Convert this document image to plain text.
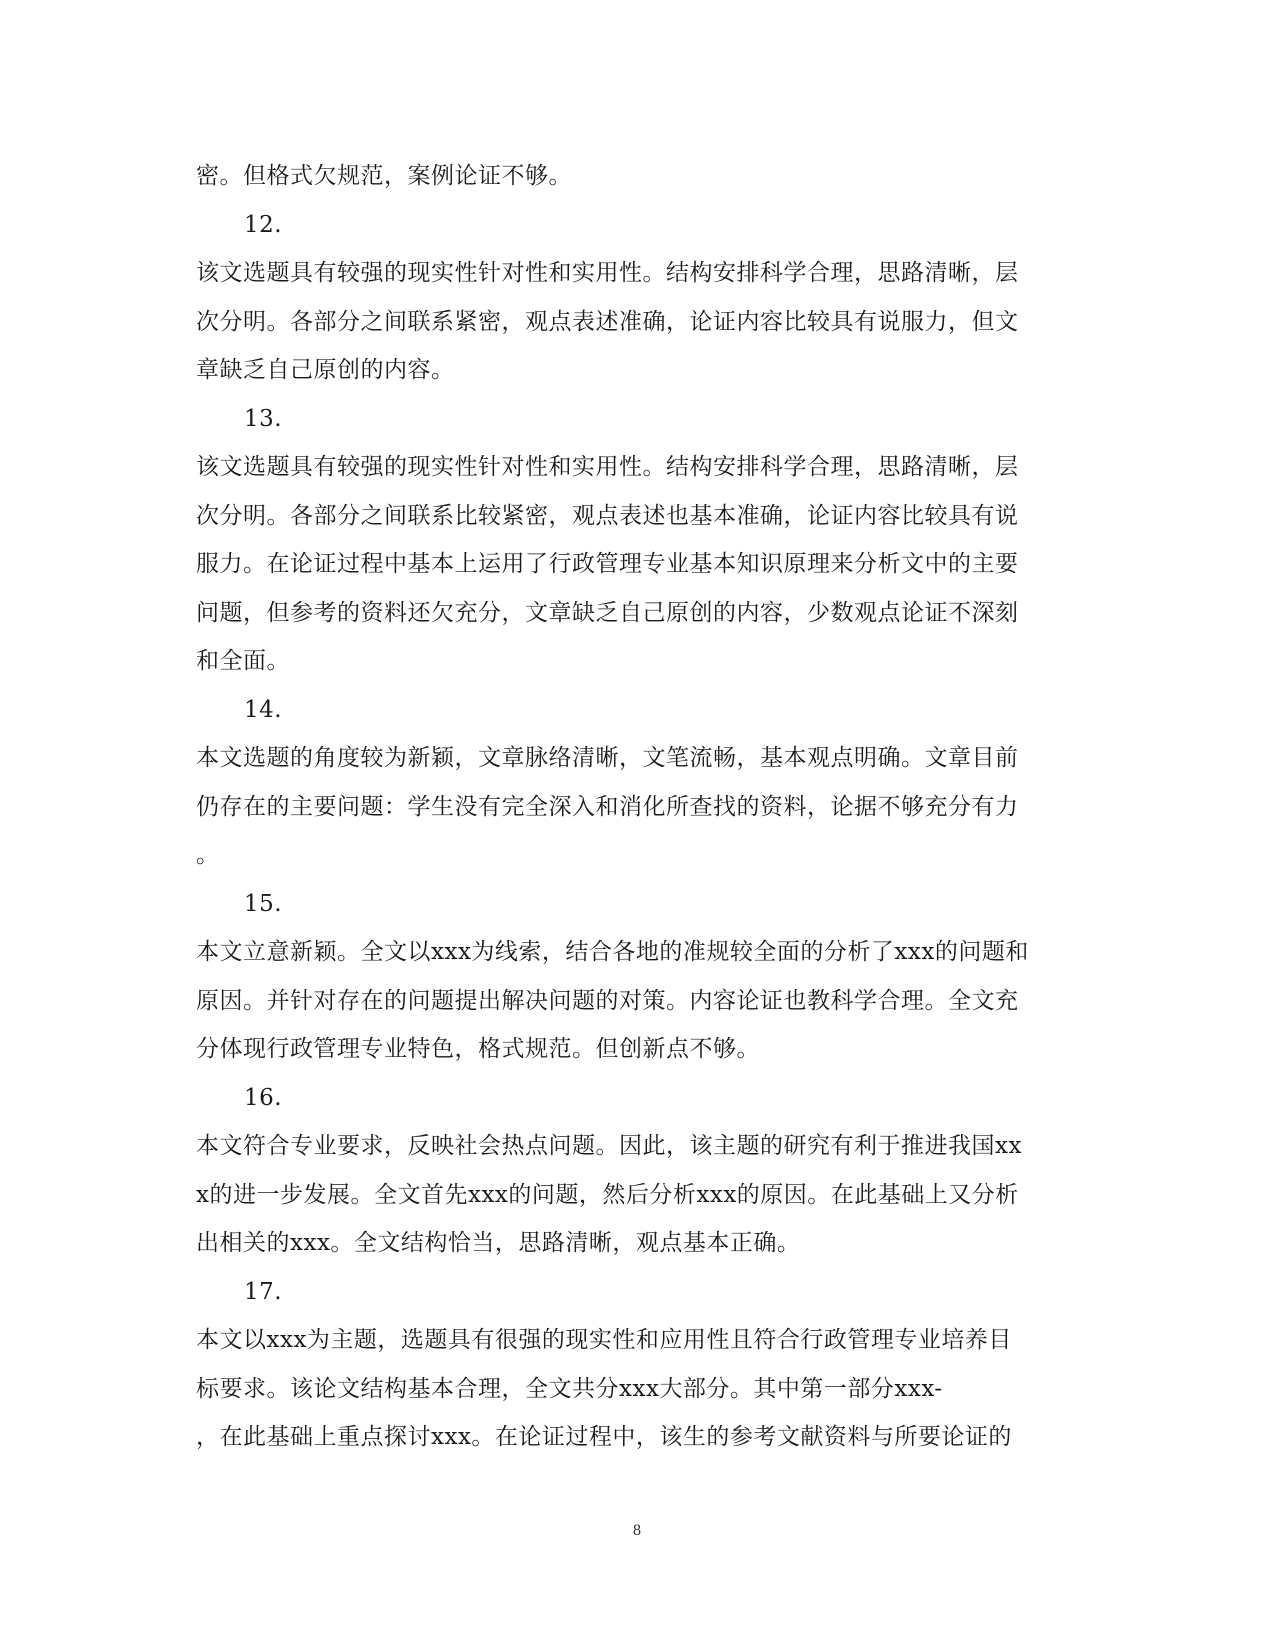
密。但格式欠规范，案例论证不够。
12.
该文选题具有较强的现实性针对性和实用性。结构安排科学合理，思路清晰，层
次分明。各部分之间联系紧密，观点表述准确，论证内容比较具有说服力，但文
章缺乏自己原创的内容。
13.
该文选题具有较强的现实性针对性和实用性。结构安排科学合理，思路清晰，层
次分明。各部分之间联系比较紧密，观点表述也基本准确，论证内容比较具有说
服力。在论证过程中基本上运用了行政管理专业基本知识原理来分析文中的主要
问题，但参考的资料还欠充分，文章缺乏自己原创的内容，少数观点论证不深刻
和全面。
14.
本文选题的角度较为新颖，文章脉络清晰，文笔流畅，基本观点明确。文章目前
仍存在的主要问题：学生没有完全深入和消化所查找的资料，论据不够充分有力
。
15.
本文立意新颖。全文以xxx为线索，结合各地的准规较全面的分析了xxx的问题和
原因。并针对存在的问题提出解决问题的对策。内容论证也教科学合理。全文充
分体现行政管理专业特色，格式规范。但创新点不够。
16.
本文符合专业要求，反映社会热点问题。因此，该主题的研究有利于推进我国xx
x的进一步发展。全文首先xxx的问题，然后分析xxx的原因。在此基础上又分析
出相关的xxx。全文结构恰当，思路清晰，观点基本正确。
17.
本文以xxx为主题，选题具有很强的现实性和应用性且符合行政管理专业培养目
标要求。该论文结构基本合理，全文共分xxx大部分。其中第一部分xxx-
，在此基础上重点探讨xxx。在论证过程中，该生的参考文献资料与所要论证的
8
